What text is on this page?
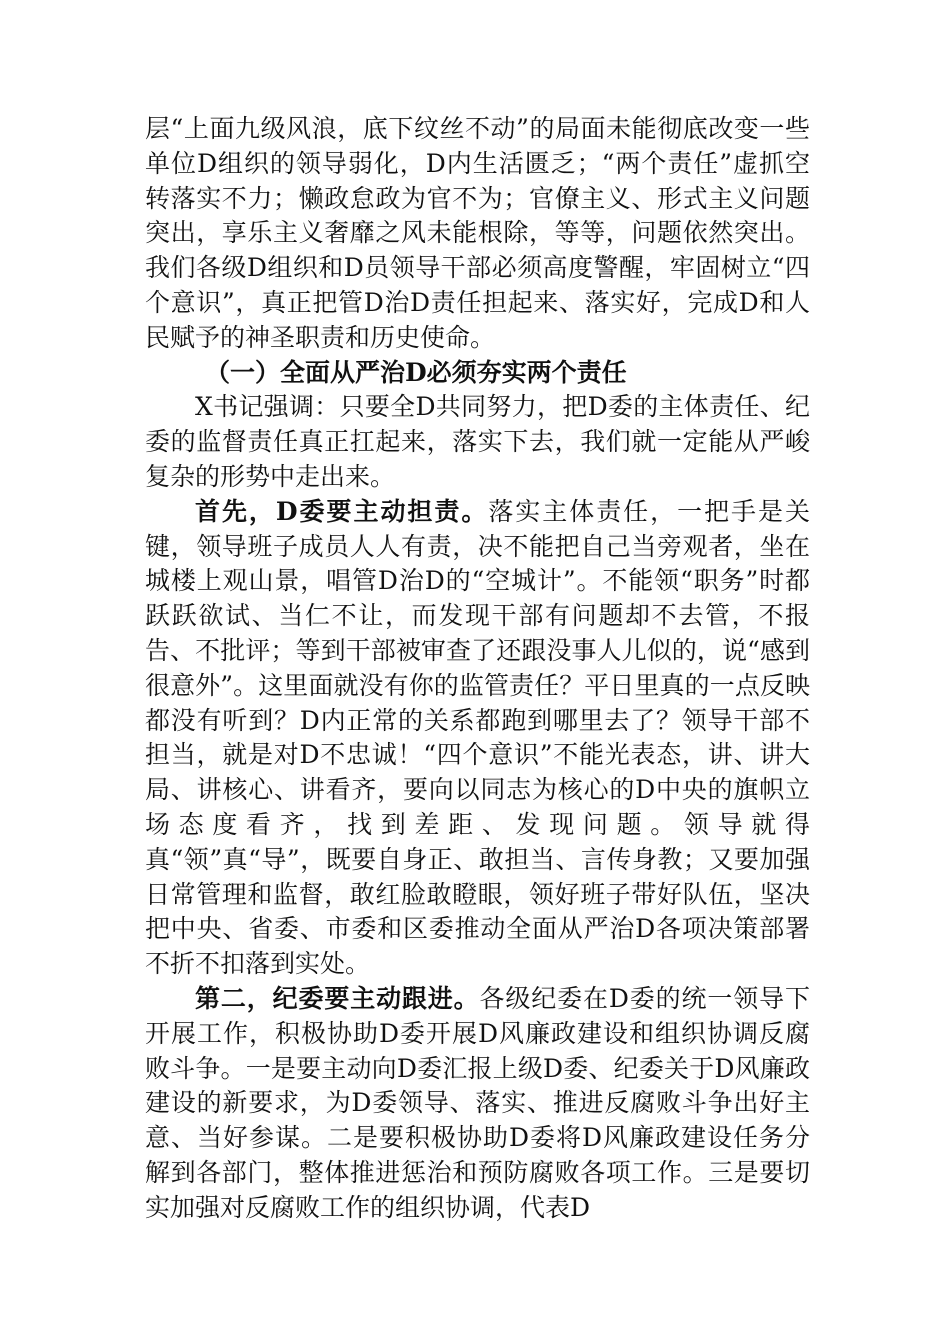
层“上面九级风浪，底下纹丝不动”的局面未能彻底改变一些单位D组织的领导弱化，D内生活匮乏；“两个责任”虚抓空转落实不力；懒政怠政为官不为；官僚主义、形式主义问题突出，享乐主义奢靡之风未能根除，等等，问题依然突出。我们各级D组织和D员领导干部必须高度警醒，牢固树立“四个意识”，真正把管D治D责任担起来、落实好，完成D和人民赋予的神圣职责和历史使命。

（一）全面从严治D必须夯实两个责任

X书记强调：只要全D共同努力，把D委的主体责任、纪委的监督责任真正扛起来，落实下去，我们就一定能从严峻复杂的形势中走出来。

首先，D委要主动担责。落实主体责任，一把手是关键，领导班子成员人人有责，决不能把自己当旁观者，坐在城楼上观山景，唱管D治D的“空城计”。不能领“职务”时都跃跃欲试、当仁不让，而发现干部有问题却不去管，不报告、不批评；等到干部被审查了还跟没事人儿似的，说“感到很意外”。这里面就没有你的监管责任？平日里真的一点反映都没有听到？D内正常的关系都跑到哪里去了？领导干部不担当，就是对D不忠诚！“四个意识”不能光表态，讲、讲大局、讲核心、讲看齐，要向以同志为核心的D中央的旗帜立场态度看齐，找到差距、发现问题。领导就得真“领”真“导”，既要自身正、敢担当、言传身教；又要加强日常管理和监督，敢红脸敢瞪眼，领好班子带好队伍，坚决把中央、省委、市委和区委推动全面从严治D各项决策部署不折不扣落到实处。

第二，纪委要主动跟进。各级纪委在D委的统一领导下开展工作，积极协助D委开展D风廉政建设和组织协调反腐败斗争。一是要主动向D委汇报上级D委、纪委关于D风廉政建设的新要求，为D委领导、落实、推进反腐败斗争出好主意、当好参谋。二是要积极协助D委将D风廉政建设任务分解到各部门，整体推进惩治和预防腐败各项工作。三是要切实加强对反腐败工作的组织协调，代表D
